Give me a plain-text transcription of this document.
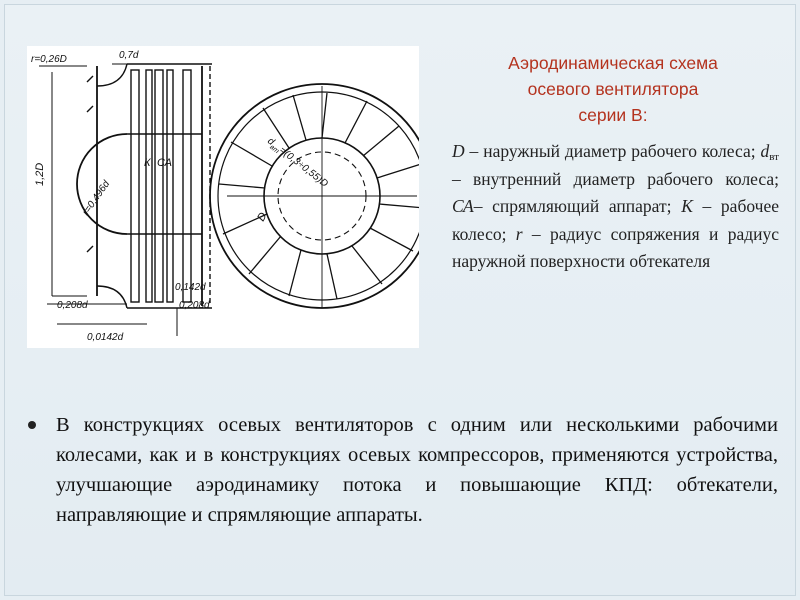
r=0,26D	0,7d
1,2D
r=0,496d
К СА
0,142d
0,208d	0,208d
0,0142d
$d_{вт}=(0,3\div 0,55)D$
D
Аэродинамическая схема
осевого вентилятора
серии В:
D – наружный диаметр рабочего колеса; $d_{вт}$ – внутренний диаметр рабочего колеса; СА– спрямляющий аппарат; К – рабочее колесо; r – радиус сопряжения и радиус наружной поверхности обтекателя
В конструкциях осевых вентиляторов с одним или несколькими рабочими колесами, как и в конструкциях осевых компрессоров, применяются устройства, улучшающие аэродинамику потока и повышающие КПД: обтекатели, направляющие и спрямляющие аппараты.
